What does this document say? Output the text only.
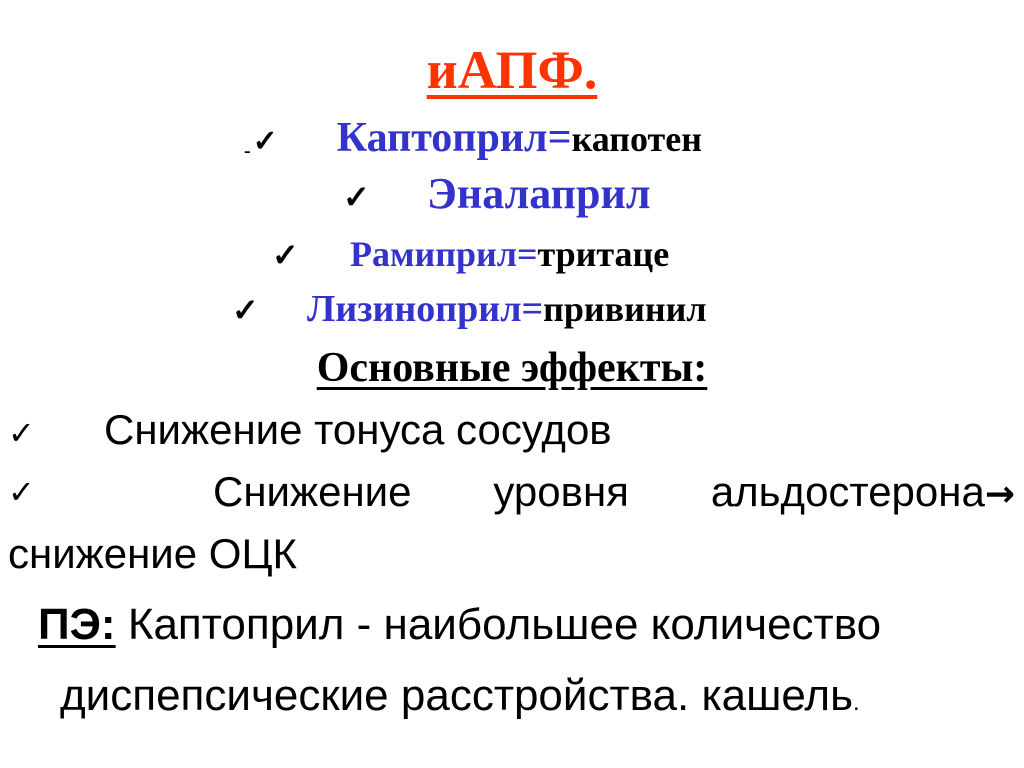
иАПФ.
-✓ Каптоприл=капотен
✓ Эналаприл
✓ Рамиприл=тритаце
✓ Лизиноприл=привинил
Основные эффекты:
✓ Снижение тонуса сосудов
✓	Снижение уровня альдостерона→
снижение ОЦК
ПЭ: Каптоприл - наибольшее количество
диспепсические расстройства. кашель.
